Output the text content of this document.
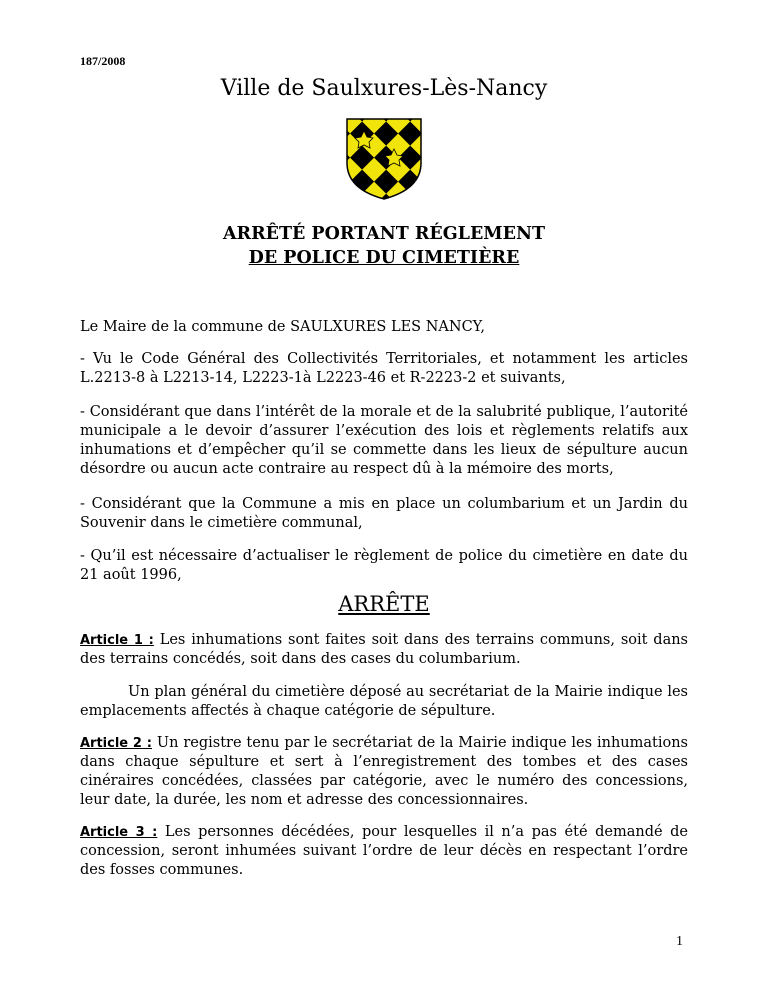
187/2008
Ville de Saulxures-Lès-Nancy
ARRÊTÉ PORTANT RÉGLEMENT
DE POLICE DU CIMETIÈRE

Le Maire de la commune de SAULXURES LES NANCY,

- Vu le Code Général des Collectivités Territoriales, et notamment les articles L.2213-8 à L2213-14, L2223-1à L2223-46 et R-2223-2 et suivants,

- Considérant que dans l’intérêt de la morale et de la salubrité publique, l’autorité municipale a le devoir d’assurer l’exécution des lois et règlements relatifs aux inhumations et d’empêcher qu’il se commette dans les lieux de sépulture aucun désordre ou aucun acte contraire au respect dû à la mémoire des morts,

- Considérant que la Commune a mis en place un columbarium et un Jardin du Souvenir dans le cimetière communal,

- Qu’il est nécessaire d’actualiser le règlement de police du cimetière en date du 21 août 1996,

ARRÊTE

Article 1 : Les inhumations sont faites soit dans des terrains communs, soit dans des terrains concédés, soit dans des cases du columbarium.

Un plan général du cimetière déposé au secrétariat de la Mairie indique les emplacements affectés à chaque catégorie de sépulture.

Article 2 : Un registre tenu par le secrétariat de la Mairie indique les inhumations dans chaque sépulture et sert à l’enregistrement des tombes et des cases cinéraires concédées, classées par catégorie, avec le numéro des concessions, leur date, la durée, les nom et adresse des concessionnaires.

Article 3 : Les personnes décédées, pour lesquelles il n’a pas été demandé de concession, seront inhumées suivant l’ordre de leur décès en respectant l’ordre des fosses communes.

1
